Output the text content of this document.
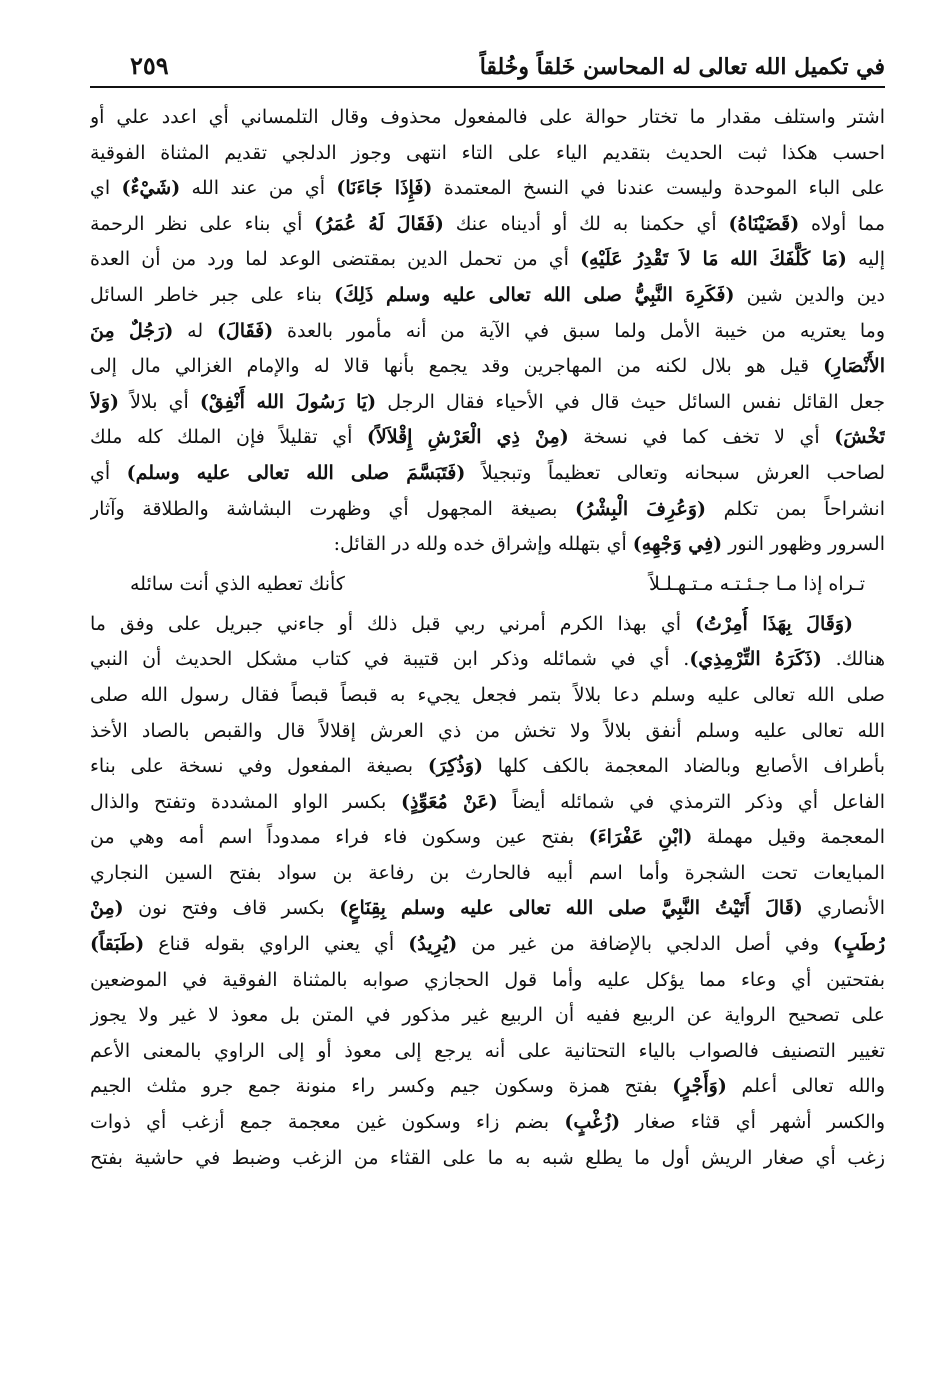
في تكميل الله تعالى له المحاسن خَلقاً وخُلقاً
٢٥٩
اشتر واستلف مقدار ما تختار حوالة على فالمفعول محذوف وقال التلمساني أي اعدد علي أو
احسب هكذا ثبت الحديث بتقديم الياء على التاء انتهى وجوز الدلجي تقديم المثناة الفوقية
على الباء الموحدة وليست عندنا في النسخ المعتمدة (فَإِذَا جَاءَنَا) أي من عند الله (شَيْءٌ) اي
مما أولاه (قَضَيْنَاهُ) أي حكمنا به لك أو أديناه عنك (فَقَالَ لَهُ عُمَرُ) أي بناء على نظر الرحمة
إليه (مَا كَلَّفَكَ الله مَا لاَ تَقْدِرُ عَلَيْهِ) أي من تحمل الدين بمقتضى الوعد لما ورد من أن العدة
دين والدين شين (فَكَرِهَ النَّبِيُّ صلى الله تعالى عليه وسلم ذَلِكَ) بناء على جبر خاطر السائل
وما يعتريه من خيبة الأمل ولما سبق في الآية من أنه مأمور بالعدة (فَقَالَ) له (رَجُلٌ مِنَ
الأَنْصَارِ) قيل هو بلال لكنه من المهاجرين وقد يجمع بأنها قالا له والإمام الغزالي مال إلى
جعل القائل نفس السائل حيث قال في الأحياء فقال الرجل (يَا رَسُولَ الله أَنْفِقْ) أي بلالاً (وَلاَ
تَخْشَ) أي لا تخف كما في نسخة (مِنْ ذِي الْعَرْشِ إِقْلاَلاً) أي تقليلاً فإن الملك كله ملك
لصاحب العرش سبحانه وتعالى تعظيماً وتبجيلاً (فَتَبَسَّمَ صلى الله تعالى عليه وسلم) أي
انشراحاً بمن تكلم (وَعُرِفَ الْبِشْرُ) بصيغة المجهول أي وظهرت البشاشة والطلاقة وآثار
السرور وظهور النور (فِي وَجْهِهِ) أي بتهلله وإشراق خده ولله در القائل:
تـراه إذا مـا جـئـتـه مـتـهـلـلاً
كأنك تعطيه الذي أنت سائله
(وَقَالَ بِهَذَا أُمِرْتُ) أي بهذا الكرم أمرني ربي قبل ذلك أو جاءني جبريل على وفق ما
هنالك. (ذَكَرَهُ التِّرْمِذِي). أي في شمائله وذكر ابن قتيبة في كتاب مشكل الحديث أن النبي
صلى الله تعالى عليه وسلم دعا بلالاً بتمر فجعل يجيء به قبصاً قبصاً فقال رسول الله صلى
الله تعالى عليه وسلم أنفق بلالاً ولا تخش من ذي العرش إقلالاً قال والقبص بالصاد الأخذ
بأطراف الأصابع وبالضاد المعجمة بالكف كلها (وَذُكِرَ) بصيغة المفعول وفي نسخة على بناء
الفاعل أي وذكر الترمذي في شمائله أيضاً (عَنْ مُعَوِّذٍ) بكسر الواو المشددة وتفتح والذال
المعجمة وقيل مهملة (ابْنِ عَفْرَاءَ) بفتح عين وسكون فاء فراء ممدوداً اسم أمه وهي من
المبايعات تحت الشجرة وأما اسم أبيه فالحارث بن رفاعة بن سواد بفتح السين النجاري
الأنصاري (قَالَ أَتَيْتُ النَّبِيَّ صلى الله تعالى عليه وسلم بِقِنَاعٍ) بكسر قاف وفتح نون (مِنْ
رُطَبٍ) وفي أصل الدلجي بالإضافة من غير من (يُرِيدُ) أي يعني الراوي بقوله قناع (طَبَقاً)
بفتحتين أي وعاء مما يؤكل عليه وأما قول الحجازي صوابه بالمثناة الفوقية في الموضعين
على تصحيح الرواية عن الربيع ففيه أن الربيع غير مذكور في المتن بل معوذ لا غير ولا يجوز
تغيير التصنيف فالصواب بالياء التحتانية على أنه يرجع إلى معوذ أو إلى الراوي بالمعنى الأعم
والله تعالى أعلم (وَأَجْرٍ) بفتح همزة وسكون جيم وكسر راء منونة جمع جرو مثلث الجيم
والكسر أشهر أي قثاء صغار (زُغْبٍ) بضم زاء وسكون غين معجمة جمع أزغب أي ذوات
زغب أي صغار الريش أول ما يطلع شبه به ما على القثاء من الزغب وضبط في حاشية بفتح
